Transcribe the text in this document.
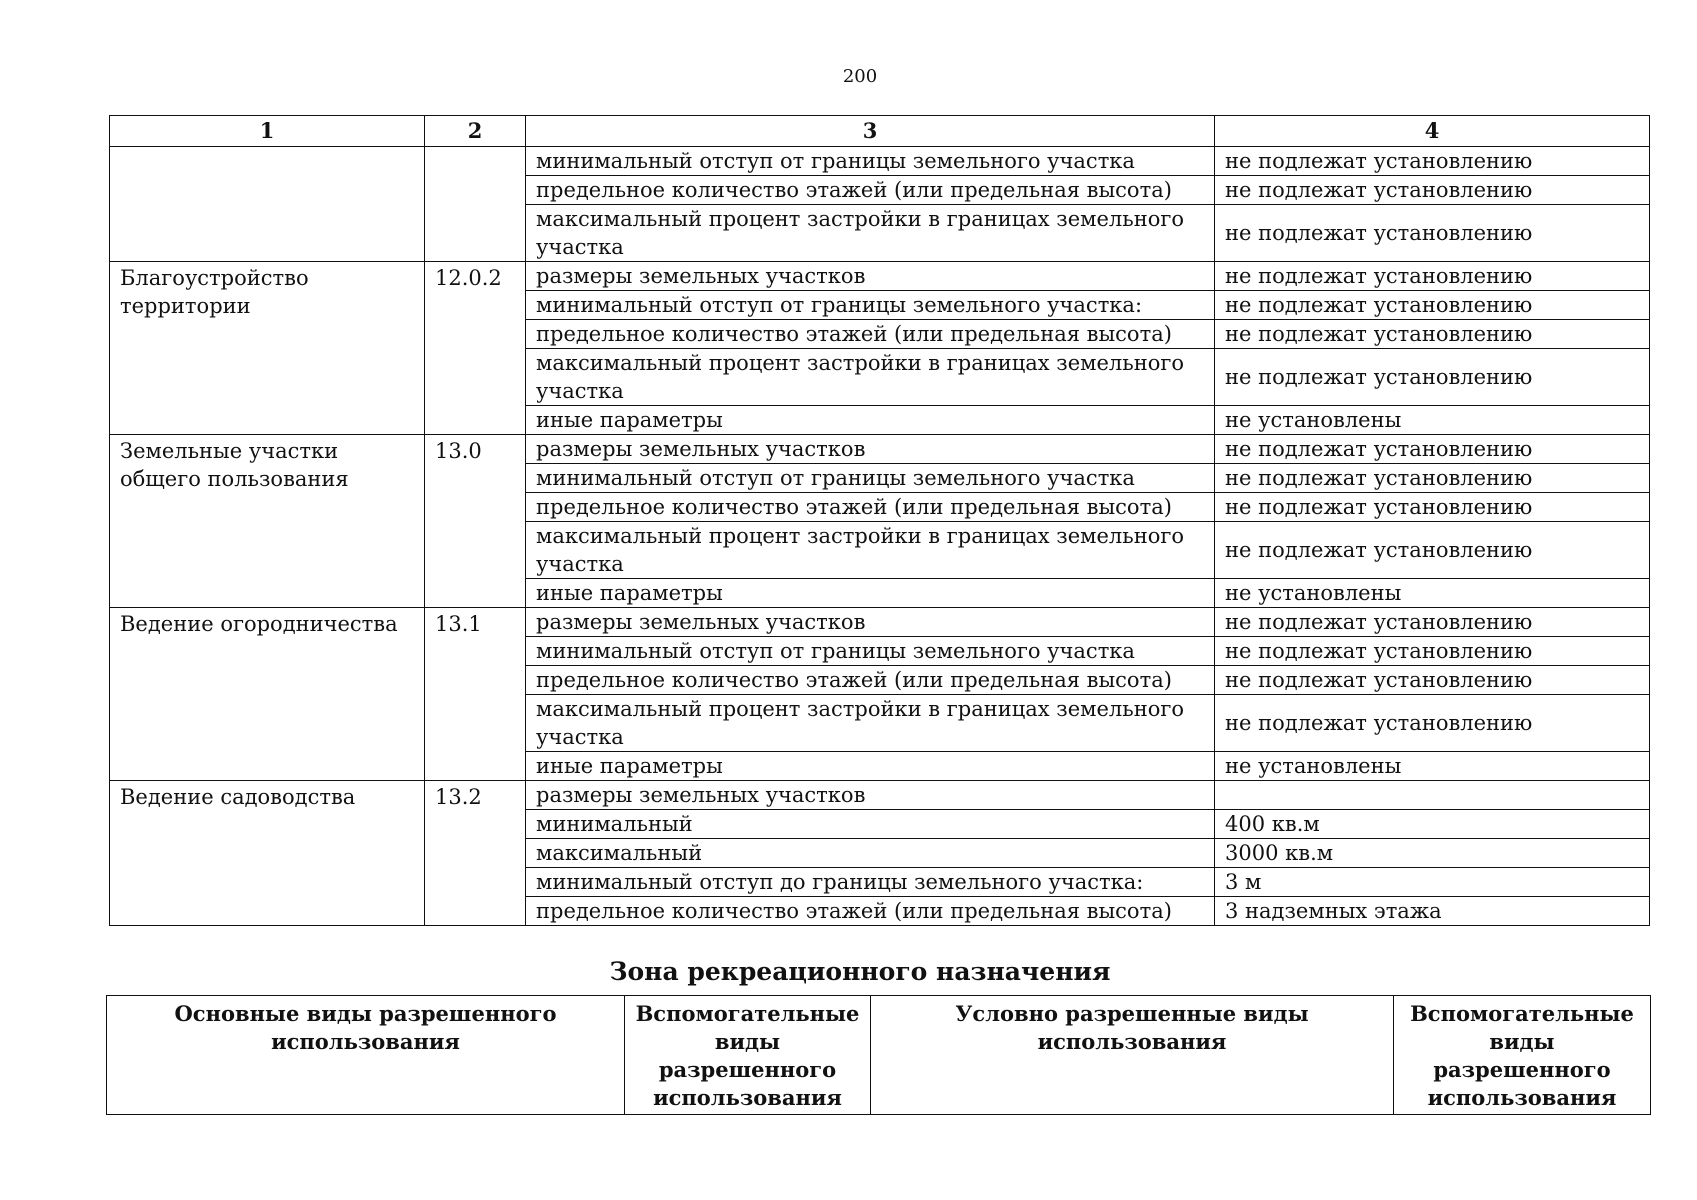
200
1	2	3	4
		минимальный отступ от границы земельного участка	не подлежат установлению
		предельное количество этажей (или предельная высота)	не подлежат установлению
		максимальный процент застройки в границах земельного участка	не подлежат установлению
Благоустройство территории	12.0.2	размеры земельных участков	не подлежат установлению
		минимальный отступ от границы земельного участка:	не подлежат установлению
		предельное количество этажей (или предельная высота)	не подлежат установлению
		максимальный процент застройки в границах земельного участка	не подлежат установлению
		иные параметры	не установлены
Земельные участки общего пользования	13.0	размеры земельных участков	не подлежат установлению
		минимальный отступ от границы земельного участка	не подлежат установлению
		предельное количество этажей (или предельная высота)	не подлежат установлению
		максимальный процент застройки в границах земельного участка	не подлежат установлению
		иные параметры	не установлены
Ведение огородничества	13.1	размеры земельных участков	не подлежат установлению
		минимальный отступ от границы земельного участка	не подлежат установлению
		предельное количество этажей (или предельная высота)	не подлежат установлению
		максимальный процент застройки в границах земельного участка	не подлежат установлению
		иные параметры	не установлены
Ведение садоводства	13.2	размеры земельных участков	
		минимальный	400 кв.м
		максимальный	3000 кв.м
		минимальный отступ до границы земельного участка:	3 м
		предельное количество этажей (или предельная высота)	3 надземных этажа
Зона рекреационного назначения
Основные виды разрешенного использования	Вспомогательные виды разрешенного использования	Условно разрешенные виды использования	Вспомогательные виды разрешенного использования
